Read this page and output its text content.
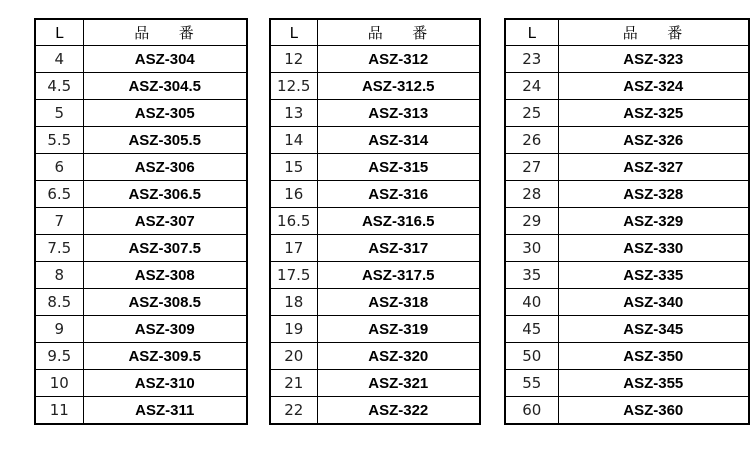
L	品 番
4	ASZ-304
4.5	ASZ-304.5
5	ASZ-305
5.5	ASZ-305.5
6	ASZ-306
6.5	ASZ-306.5
7	ASZ-307
7.5	ASZ-307.5
8	ASZ-308
8.5	ASZ-308.5
9	ASZ-309
9.5	ASZ-309.5
10	ASZ-310
11	ASZ-311
L	品 番
12	ASZ-312
12.5	ASZ-312.5
13	ASZ-313
14	ASZ-314
15	ASZ-315
16	ASZ-316
16.5	ASZ-316.5
17	ASZ-317
17.5	ASZ-317.5
18	ASZ-318
19	ASZ-319
20	ASZ-320
21	ASZ-321
22	ASZ-322
L	品 番
23	ASZ-323
24	ASZ-324
25	ASZ-325
26	ASZ-326
27	ASZ-327
28	ASZ-328
29	ASZ-329
30	ASZ-330
35	ASZ-335
40	ASZ-340
45	ASZ-345
50	ASZ-350
55	ASZ-355
60	ASZ-360
